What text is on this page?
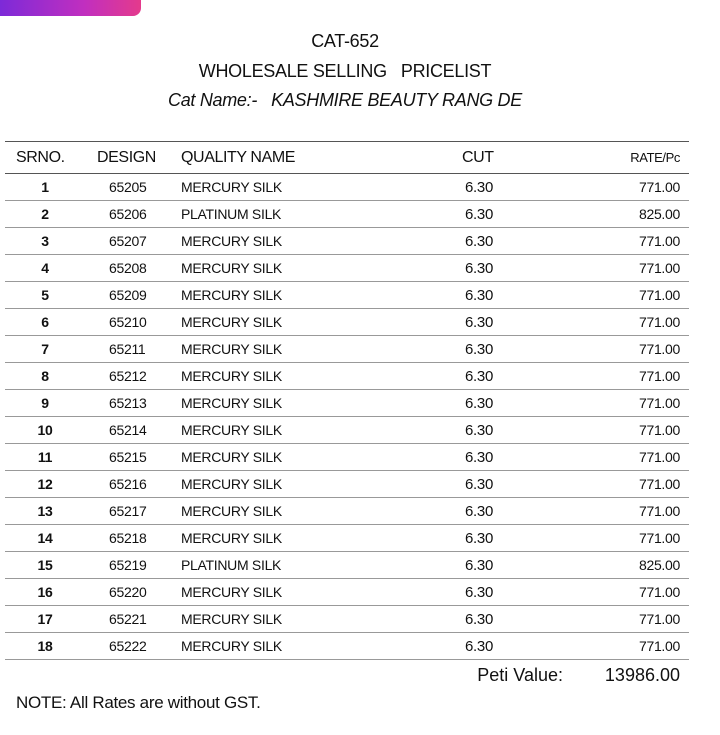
CAT-652
WHOLESALE SELLING   PRICELIST
Cat Name:-   KASHMIRE BEAUTY RANG DE
SRNO.	DESIGN	QUALITY NAME	CUT	RATE/Pc
1	65205	MERCURY SILK	6.30	771.00
2	65206	PLATINUM SILK	6.30	825.00
3	65207	MERCURY SILK	6.30	771.00
4	65208	MERCURY SILK	6.30	771.00
5	65209	MERCURY SILK	6.30	771.00
6	65210	MERCURY SILK	6.30	771.00
7	65211	MERCURY SILK	6.30	771.00
8	65212	MERCURY SILK	6.30	771.00
9	65213	MERCURY SILK	6.30	771.00
10	65214	MERCURY SILK	6.30	771.00
11	65215	MERCURY SILK	6.30	771.00
12	65216	MERCURY SILK	6.30	771.00
13	65217	MERCURY SILK	6.30	771.00
14	65218	MERCURY SILK	6.30	771.00
15	65219	PLATINUM SILK	6.30	825.00
16	65220	MERCURY SILK	6.30	771.00
17	65221	MERCURY SILK	6.30	771.00
18	65222	MERCURY SILK	6.30	771.00
			Peti Value:	13986.00
NOTE: All Rates are without GST.
